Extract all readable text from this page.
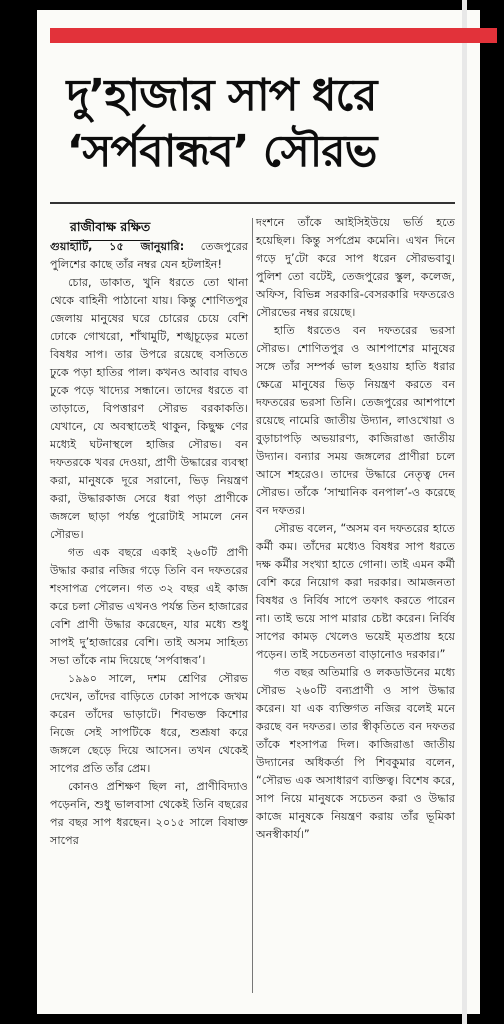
দু’হাজার সাপ ধরে
‘সর্পবান্ধব’ সৌরভ
রাজীবাক্ষ রক্ষিত

গুয়াহাটি, ১৫ জানুয়ারি: তেজপুরের পুলিশের কাছে তাঁর নম্বর যেন হটলাইন!

চোর, ডাকাত, খুনি ধরতে তো থানা থেকে বাহিনী পাঠানো যায়। কিন্তু শোণিতপুর জেলায় মানুষের ঘরে চোরের চেয়ে বেশি ঢোকে গোখরো, শাঁখামুটি, শঙ্খচূড়ের মতো বিষধর সাপ। তার উপরে রয়েছে বসতিতে ঢুকে পড়া হাতির পাল। কখনও আবার বাঘও ঢুকে পড়ে খাদ্যের সন্ধানে। তাদের ধরতে বা তাড়াতে, বিপত্তারণ সৌরভ বরকাকতি। যেখানে, যে অবস্থাতেই থাকুন, কিছুক্ষ ণের মধ্যেই ঘটনাস্থলে হাজির সৌরভ। বন দফতরকে খবর দেওয়া, প্রাণী উদ্ধারের ব্যবস্থা করা, মানুষকে দূরে সরানো, ভিড় নিয়ন্ত্রণ করা, উদ্ধারকাজ সেরে ধরা পড়া প্রাণীকে জঙ্গলে ছাড়া পর্যন্ত পুরোটাই সামলে নেন সৌরভ।

গত এক বছরে একাই ২৬০টি প্রাণী উদ্ধার করার নজির গড়ে তিনি বন দফতরের শংসাপত্র পেলেন। গত ৩২ বছর এই কাজ করে চলা সৌরভ এখনও পর্যন্ত তিন হাজারের বেশি প্রাণী উদ্ধার করেছেন, যার মধ্যে শুধু সাপই দু’হাজারের বেশি। তাই অসম সাহিত্য সভা তাঁকে নাম দিয়েছে ‘সর্পবান্ধব’।

১৯৯০ সালে, দশম শ্রেণির সৌরভ দেখেন, তাঁদের বাড়িতে ঢোকা সাপকে জখম করেন তাঁদের ভাড়াটে। শিবভক্ত কিশোর নিজে সেই সাপটিকে ধরে, শুশ্রূষা করে জঙ্গলে ছেড়ে দিয়ে আসেন। তখন থেকেই সাপের প্রতি তাঁর প্রেম।

কোনও প্রশিক্ষণ ছিল না, প্রাণীবিদ্যাও পড়েননি, শুধু ভালবাসা থেকেই তিনি বছরের পর বছর সাপ ধরছেন। ২০১৫ সালে বিষাক্ত সাপের

দংশনে তাঁকে আইসিইউয়ে ভর্তি হতে হয়েছিল। কিন্তু সর্পপ্রেম কমেনি। এখন দিনে গড়ে দু’টো করে সাপ ধরেন সৌরভবাবু। পুলিশ তো বটেই, তেজপুরের স্কুল, কলেজ, অফিস, বিভিন্ন সরকারি-বেসরকারি দফতরেও সৌরভের নম্বর রয়েছে।

হাতি ধরতেও বন দফতরের ভরসা সৌরভ। শোণিতপুর ও আশপাশের মানুষের সঙ্গে তাঁর সম্পর্ক ভাল হওয়ায় হাতি ধরার ক্ষেত্রে মানুষের ভিড় নিয়ন্ত্রণ করতে বন দফতরের ভরসা তিনি। তেজপুরের আশপাশে রয়েছে নামেরি জাতীয় উদ্যান, লাওখোয়া ও বুড়াচাপড়ি অভয়ারণ্য, কাজিরাঙা জাতীয় উদ্যান। বন্যার সময় জঙ্গলের প্রাণীরা চলে আসে শহরেও। তাদের উদ্ধারে নেতৃত্ব দেন সৌরভ। তাঁকে ‘সাম্মানিক বনপাল’-ও করেছে বন দফতর।

সৌরভ বলেন, “অসম বন দফতরের হাতে কর্মী কম। তাঁদের মধ্যেও বিষধর সাপ ধরতে দক্ষ কর্মীর সংখ্যা হাতে গোনা। তাই এমন কর্মী বেশি করে নিয়োগ করা দরকার। আমজনতা বিষধর ও নির্বিষ সাপে তফাৎ করতে পারেন না। তাই ভয়ে সাপ মারার চেষ্টা করেন। নির্বিষ সাপের কামড় খেলেও ভয়েই মৃতপ্রায় হয়ে পড়েন। তাই সচেতনতা বাড়ানোও দরকার।”

গত বছর অতিমারি ও লকডাউনের মধ্যে সৌরভ ২৬০টি বন্যপ্রাণী ও সাপ উদ্ধার করেন। যা এক ব্যক্তিগত নজির বলেই মনে করছে বন দফতর। তার স্বীকৃতিতে বন দফতর তাঁকে শংসাপত্র দিল। কাজিরাঙা জাতীয় উদ্যানের অধিকর্তা পি শিবকুমার বলেন, “সৌরভ এক অসাধারণ ব্যক্তিত্ব। বিশেষ করে, সাপ নিয়ে মানুষকে সচেতন করা ও উদ্ধার কাজে মানুষকে নিয়ন্ত্রণ করায় তাঁর ভূমিকা অনস্বীকার্য।”
